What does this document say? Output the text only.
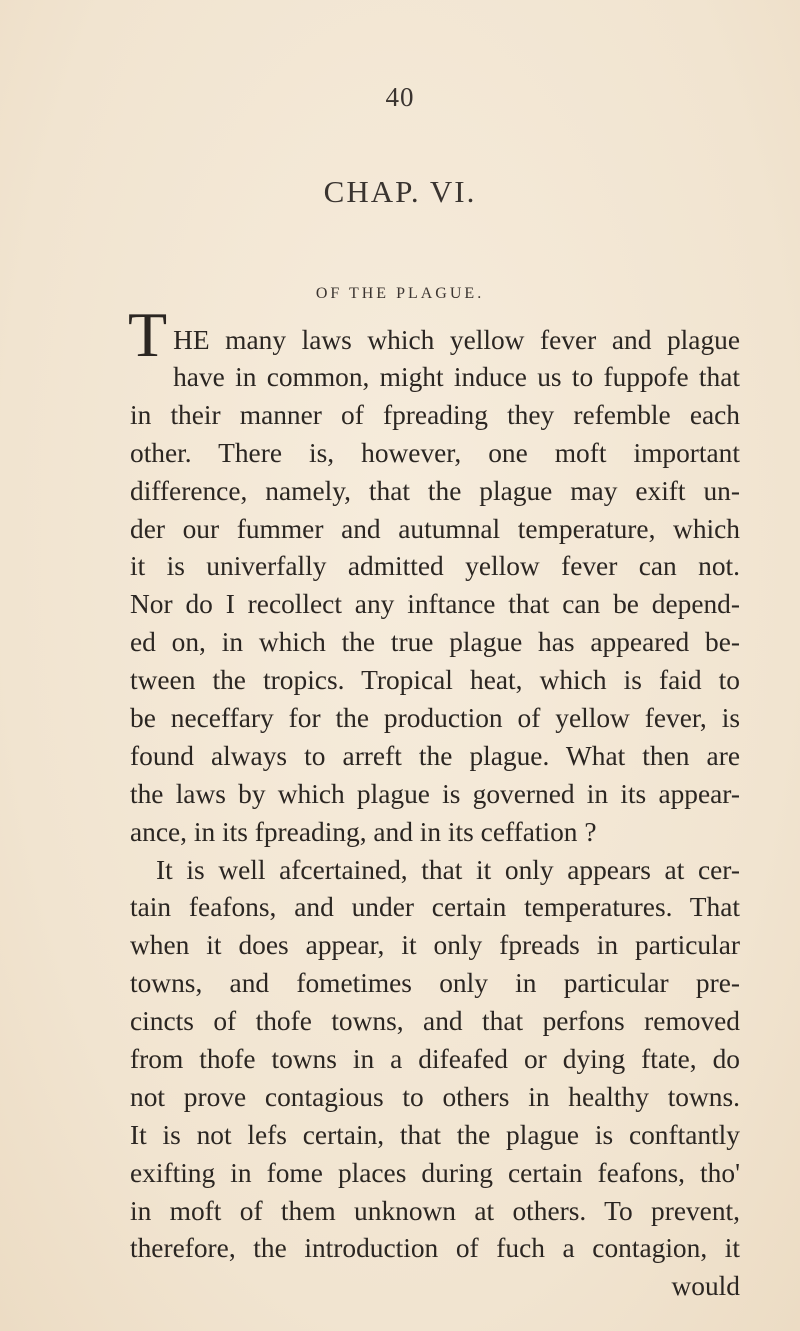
40
CHAP. VI.
OF THE PLAGUE.
T HE many laws which yellow fever and plague
have in common, might induce us to fuppofe that
in their manner of fpreading they refemble each
other. There is, however, one moft important
difference, namely, that the plague may exift un-
der our fummer and autumnal temperature, which
it is univerfally admitted yellow fever can not.
Nor do I recollect any inftance that can be depend-
ed on, in which the true plague has appeared be-
tween the tropics. Tropical heat, which is faid to
be neceffary for the production of yellow fever, is
found always to arreft the plague. What then are
the laws by which plague is governed in its appear-
ance, in its fpreading, and in its ceffation ?
It is well afcertained, that it only appears at cer-
tain feafons, and under certain temperatures. That
when it does appear, it only fpreads in particular
towns, and fometimes only in particular pre-
cincts of thofe towns, and that perfons removed
from thofe towns in a difeafed or dying ftate, do
not prove contagious to others in healthy towns.
It is not lefs certain, that the plague is conftantly
exifting in fome places during certain feafons, tho'
in moft of them unknown at others. To prevent,
therefore, the introduction of fuch a contagion, it
would
